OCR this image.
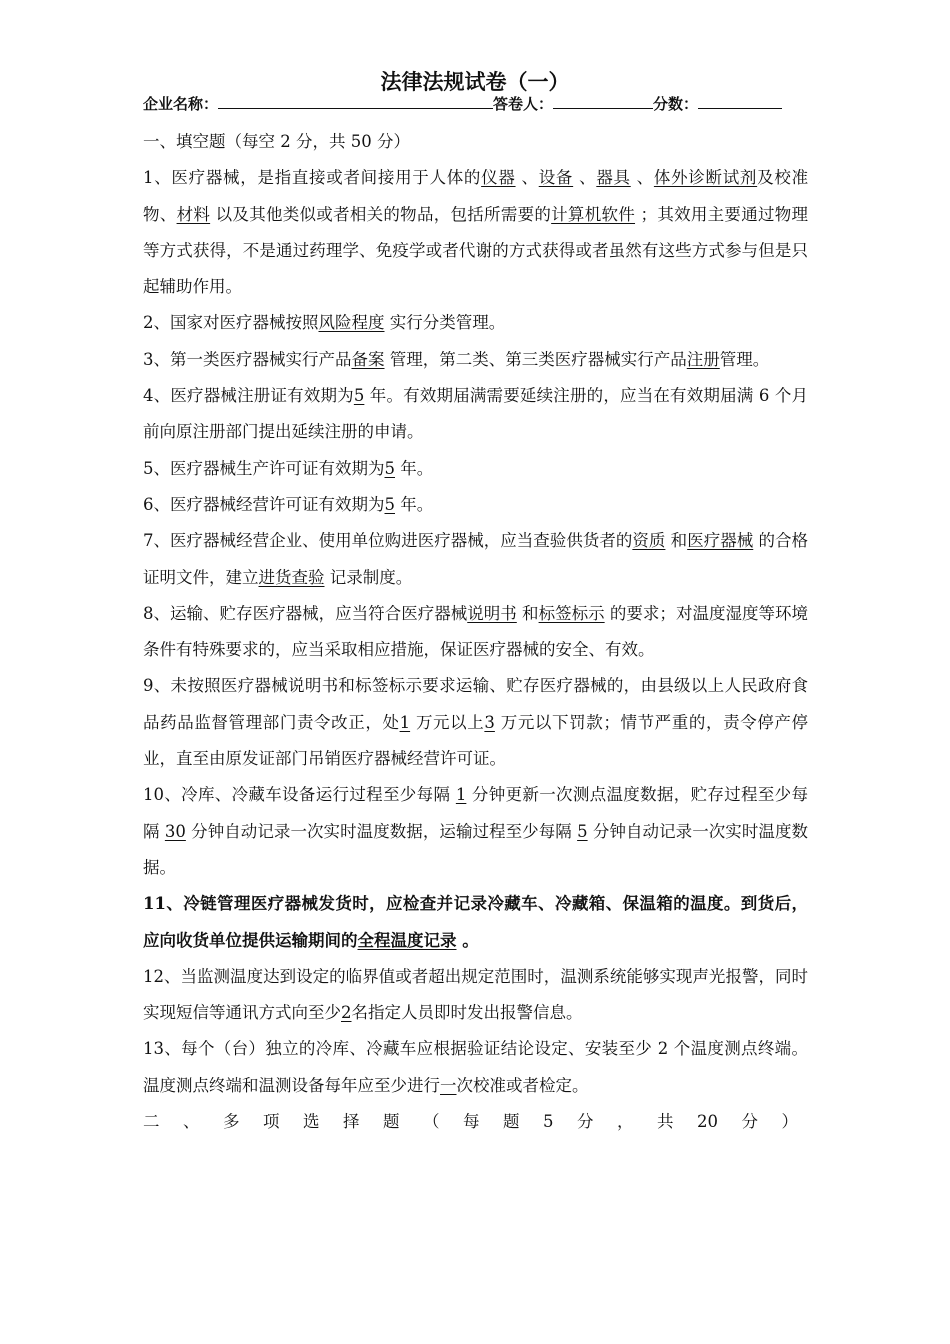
法律法规试卷（一）
企业名称：	答卷人：	分数：

一、填空题（每空 2 分，共 50 分）

1、医疗器械，是指直接或者间接用于人体的仪器 、设备 、器具 、体外诊断试剂及校准物、材料 以及其他类似或者相关的物品，包括所需要的计算机软件 ；其效用主要通过物理等方式获得，不是通过药理学、免疫学或者代谢的方式获得或者虽然有这些方式参与但是只起辅助作用。

2、国家对医疗器械按照风险程度 实行分类管理。

3、第一类医疗器械实行产品备案 管理，第二类、第三类医疗器械实行产品注册管理。

4、医疗器械注册证有效期为5 年。有效期届满需要延续注册的，应当在有效期届满 6 个月前向原注册部门提出延续注册的申请。

5、医疗器械生产许可证有效期为5 年。

6、医疗器械经营许可证有效期为5 年。

7、医疗器械经营企业、使用单位购进医疗器械，应当查验供货者的资质 和医疗器械 的合格证明文件，建立进货查验 记录制度。

8、运输、贮存医疗器械，应当符合医疗器械说明书 和标签标示 的要求；对温度湿度等环境条件有特殊要求的，应当采取相应措施，保证医疗器械的安全、有效。

9、未按照医疗器械说明书和标签标示要求运输、贮存医疗器械的，由县级以上人民政府食品药品监督管理部门责令改正，处1 万元以上3 万元以下罚款；情节严重的，责令停产停业，直至由原发证部门吊销医疗器械经营许可证。

10、冷库、冷藏车设备运行过程至少每隔 1 分钟更新一次测点温度数据，贮存过程至少每隔 30 分钟自动记录一次实时温度数据，运输过程至少每隔 5 分钟自动记录一次实时温度数据。

11、冷链管理医疗器械发货时，应检查并记录冷藏车、冷藏箱、保温箱的温度。到货后，应向收货单位提供运输期间的全程温度记录 。

12、当监测温度达到设定的临界值或者超出规定范围时，温测系统能够实现声光报警，同时实现短信等通讯方式向至少2名指定人员即时发出报警信息。

13、每个（台）独立的冷库、冷藏车应根据验证结论设定、安装至少 2 个温度测点终端。温度测点终端和温测设备每年应至少进行一次校准或者检定。

二 、 多 项 选 择 题 （ 每 题 5 分 ， 共 20 分 ）
